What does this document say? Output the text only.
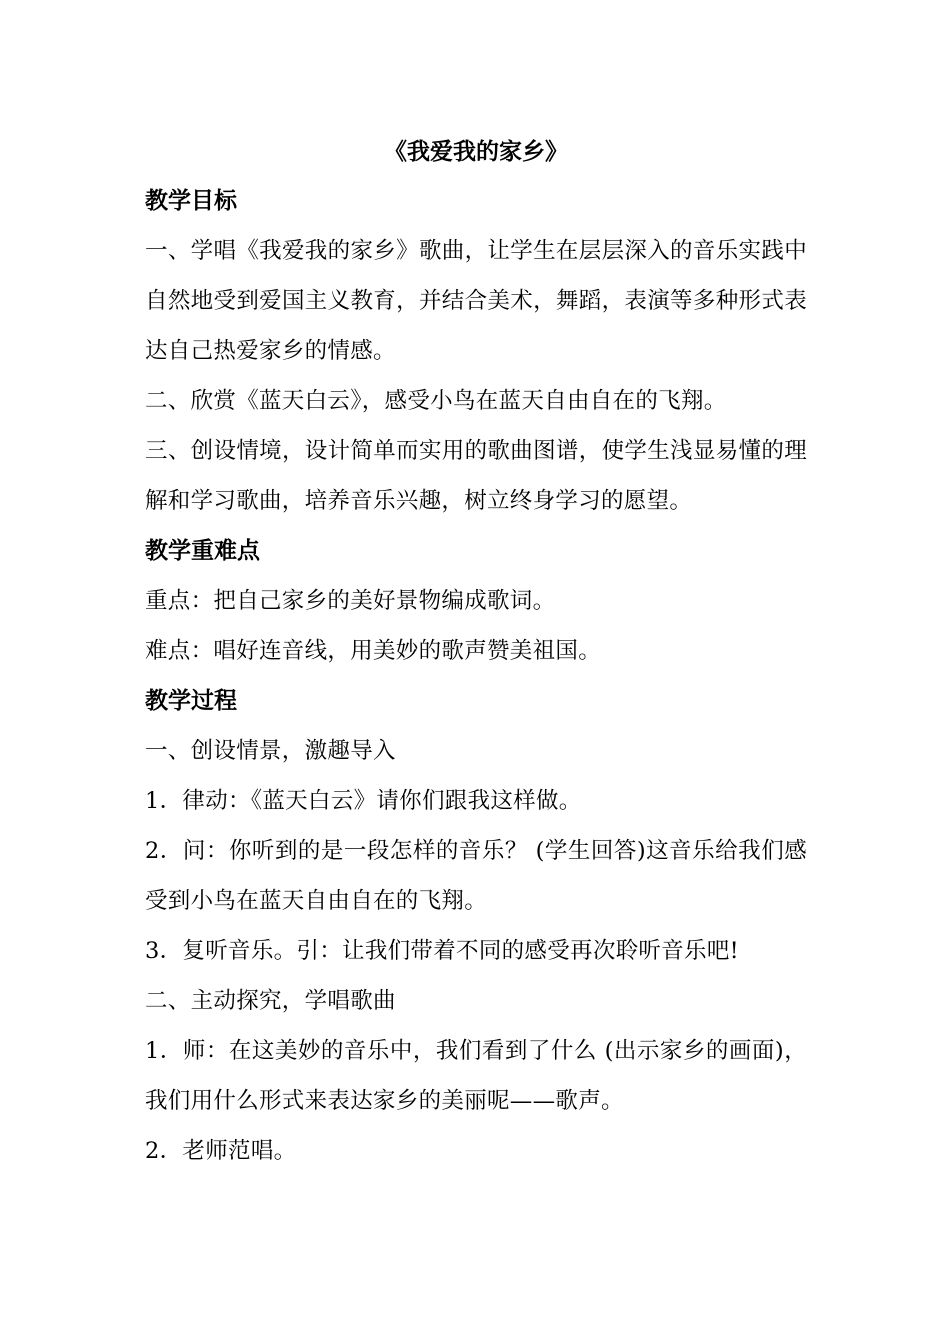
《我爱我的家乡》

教学目标

一、学唱《我爱我的家乡》歌曲，让学生在层层深入的音乐实践中自然地受到爱国主义教育，并结合美术，舞蹈，表演等多种形式表达自己热爱家乡的情感。

二、欣赏《蓝天白云》，感受小鸟在蓝天自由自在的飞翔。

三、创设情境，设计简单而实用的歌曲图谱，使学生浅显易懂的理解和学习歌曲，培养音乐兴趣，树立终身学习的愿望。

教学重难点

重点：把自己家乡的美好景物编成歌词。

难点：唱好连音线，用美妙的歌声赞美祖国。

教学过程

一、创设情景，激趣导入

1．律动：《蓝天白云》请你们跟我这样做。

2．问：你听到的是一段怎样的音乐？ (学生回答)这音乐给我们感受到小鸟在蓝天自由自在的飞翔。

3．复听音乐。引：让我们带着不同的感受再次聆听音乐吧!

二、主动探究，学唱歌曲

1．师：在这美妙的音乐中，我们看到了什么 (出示家乡的画面)，我们用什么形式来表达家乡的美丽呢——歌声。

2．老师范唱。
